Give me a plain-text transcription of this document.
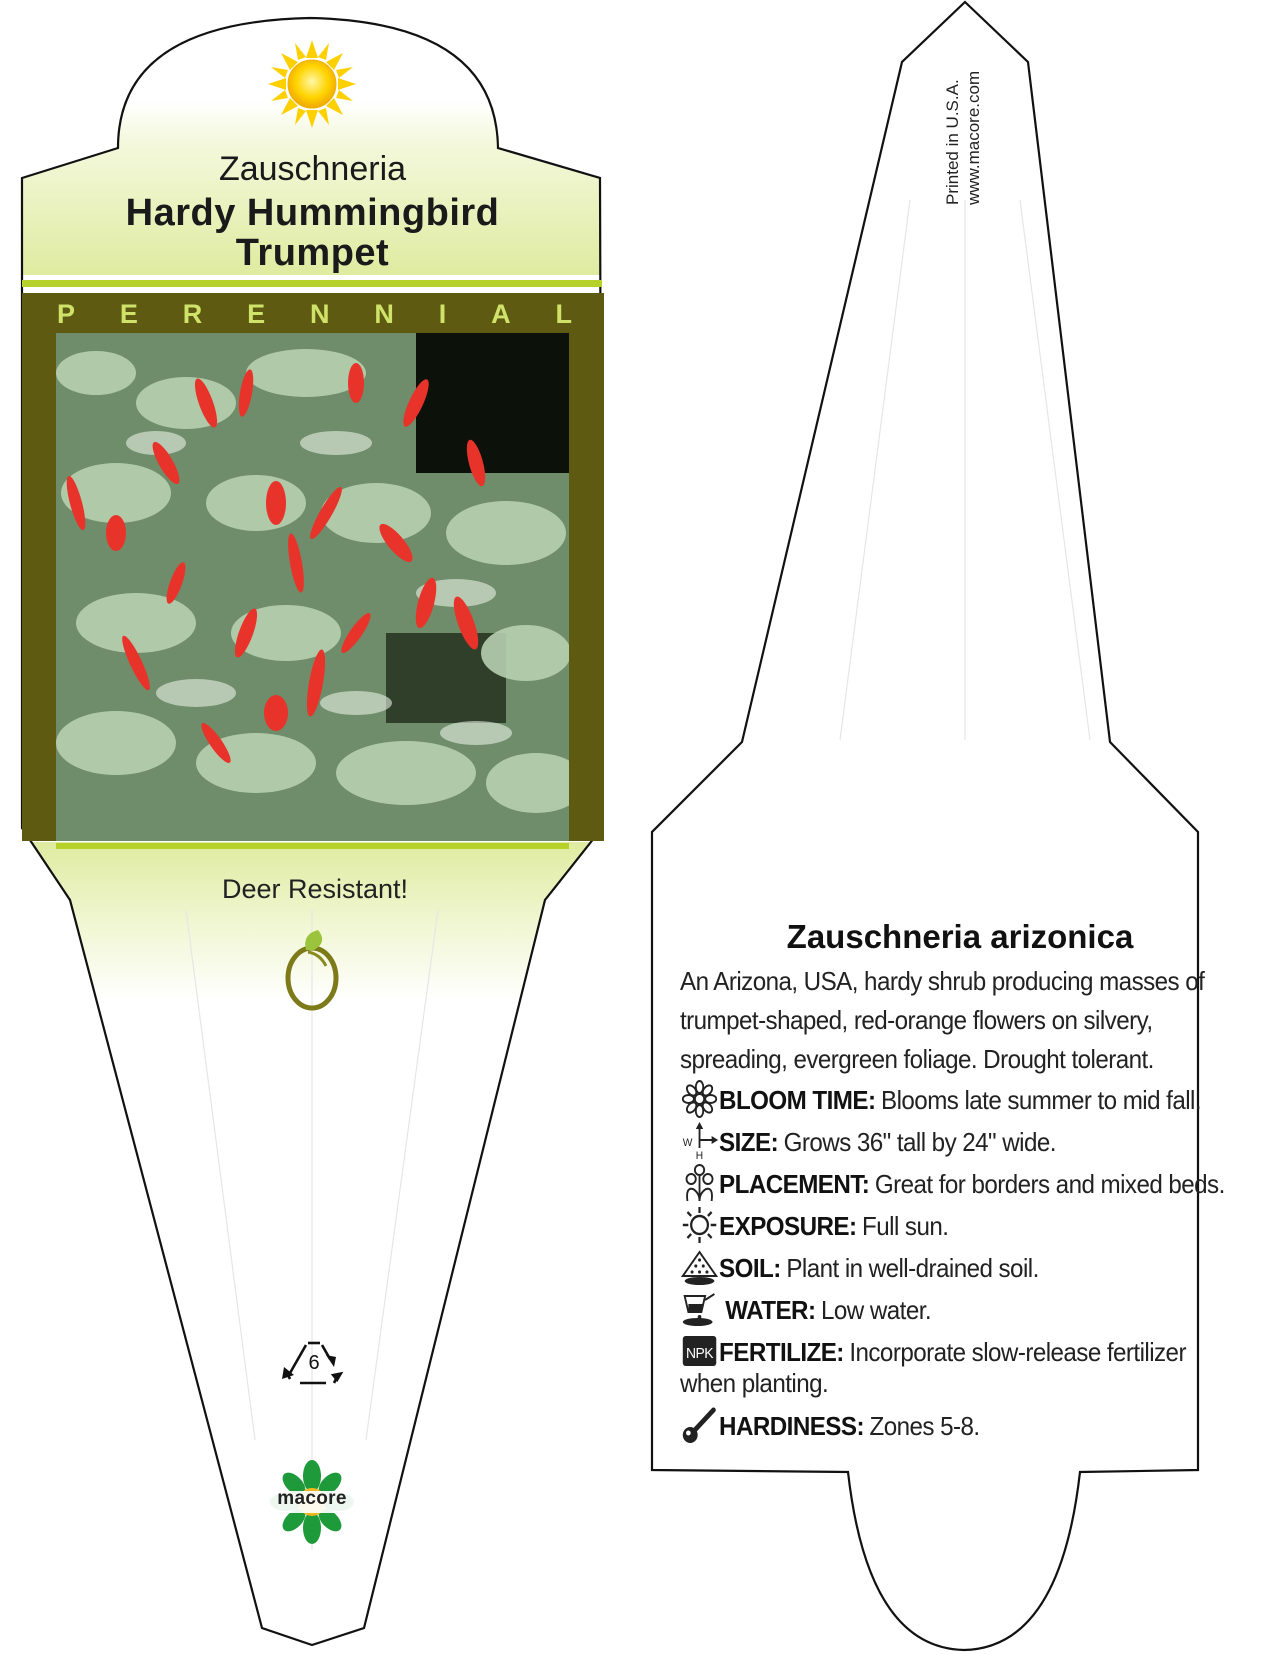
Zauschneria
Hardy Hummingbird
Trumpet
P E R E N N I A L
Deer Resistant!
6
macore
Printed in U.S.A. www.macore.com
Zauschneria arizonica
An Arizona, USA, hardy shrub producing masses of trumpet-shaped, red-orange flowers on silvery, spreading, evergreen foliage. Drought tolerant.
BLOOM TIME: Blooms late summer to mid fall.
W
H SIZE: Grows 36" tall by 24" wide.
PLACEMENT: Great for borders and mixed beds.
EXPOSURE: Full sun.
SOIL: Plant in well-drained soil.
WATER: Low water.
NPK FERTILIZE: Incorporate slow-release fertilizer
when planting.
HARDINESS: Zones 5-8.
